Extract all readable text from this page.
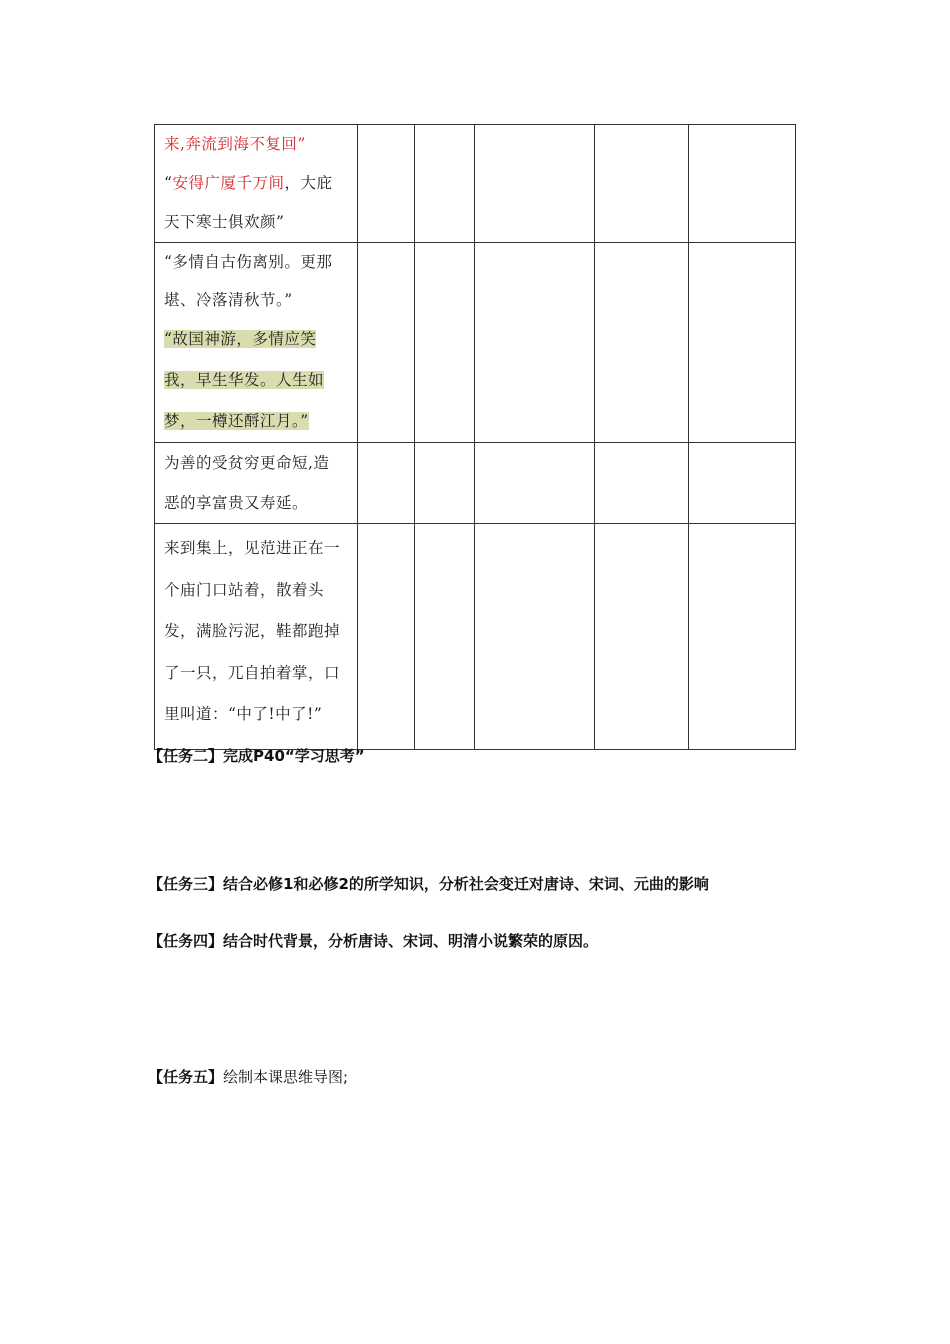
来,奔流到海不复回”
“安得广厦千万间，大庇
天下寒士俱欢颜”					

“多情自古伤离别。更那
堪、冷落清秋节。”
“故国神游，多情应笑
我，早生华发。人生如
梦，一樽还酹江月。”					

为善的受贫穷更命短,造
恶的享富贵又寿延。					

来到集上，见范进正在一
个庙门口站着，散着头
发，满脸污泥，鞋都跑掉
了一只，兀自拍着掌，口
里叫道：“中了!中了!”					

【任务二】完成P40“学习思考”
【任务三】结合必修1和必修2的所学知识，分析社会变迁对唐诗、宋词、元曲的影响
【任务四】结合时代背景，分析唐诗、宋词、明清小说繁荣的原因。
【任务五】绘制本课思维导图;
